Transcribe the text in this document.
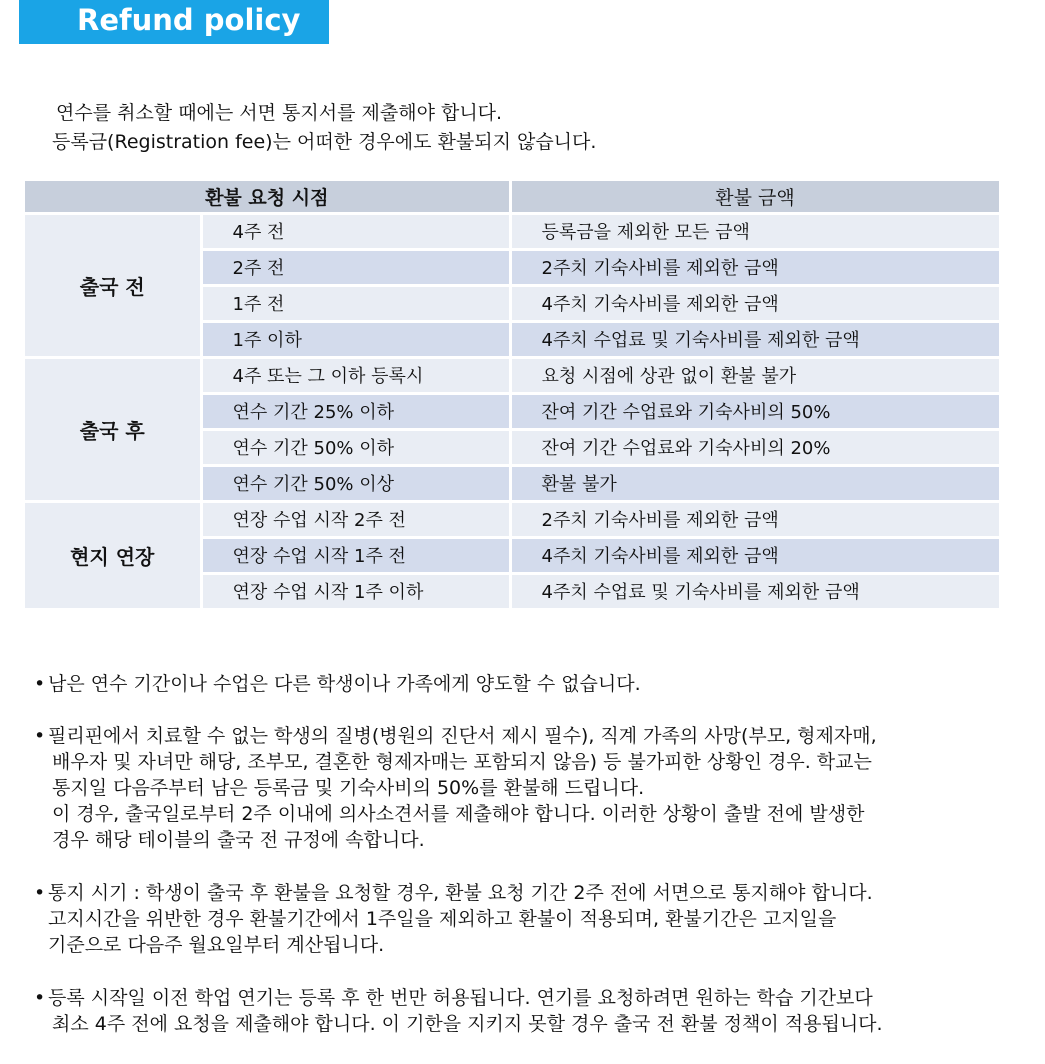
Refund policy
연수를 취소할 때에는 서면 통지서를 제출해야 합니다.
등록금(Registration fee)는 어떠한 경우에도 환불되지 않습니다.
환불 요청 시점		환불 금액
출국 전	4주 전	등록금을 제외한 모든 금액
	2주 전	2주치 기숙사비를 제외한 금액
	1주 전	4주치 기숙사비를 제외한 금액
	1주 이하	4주치 수업료 및 기숙사비를 제외한 금액
출국 후	4주 또는 그 이하 등록시	요청 시점에 상관 없이 환불 불가
	연수 기간 25% 이하	잔여 기간 수업료와 기숙사비의 50%
	연수 기간 50% 이하	잔여 기간 수업료와 기숙사비의 20%
	연수 기간 50% 이상	환불 불가
현지 연장	연장 수업 시작 2주 전	2주치 기숙사비를 제외한 금액
	연장 수업 시작 1주 전	4주치 기숙사비를 제외한 금액
	연장 수업 시작 1주 이하	4주치 수업료 및 기숙사비를 제외한 금액
• 남은 연수 기간이나 수업은 다른 학생이나 가족에게 양도할 수 없습니다.
• 필리핀에서 치료할 수 없는 학생의 질병(병원의 진단서 제시 필수), 직계 가족의 사망(부모, 형제자매,
배우자 및 자녀만 해당, 조부모, 결혼한 형제자매는 포함되지 않음) 등 불가피한 상황인 경우. 학교는
통지일 다음주부터 남은 등록금 및 기숙사비의 50%를 환불해 드립니다.
이 경우, 출국일로부터 2주 이내에 의사소견서를 제출해야 합니다. 이러한 상황이 출발 전에 발생한
경우 해당 테이블의 출국 전 규정에 속합니다.
• 통지 시기 : 학생이 출국 후 환불을 요청할 경우, 환불 요청 기간 2주 전에 서면으로 통지해야 합니다.
고지시간을 위반한 경우 환불기간에서 1주일을 제외하고 환불이 적용되며, 환불기간은 고지일을
기준으로 다음주 월요일부터 계산됩니다.
• 등록 시작일 이전 학업 연기는 등록 후 한 번만 허용됩니다. 연기를 요청하려면 원하는 학습 기간보다
최소 4주 전에 요청을 제출해야 합니다. 이 기한을 지키지 못할 경우 출국 전 환불 정책이 적용됩니다.
